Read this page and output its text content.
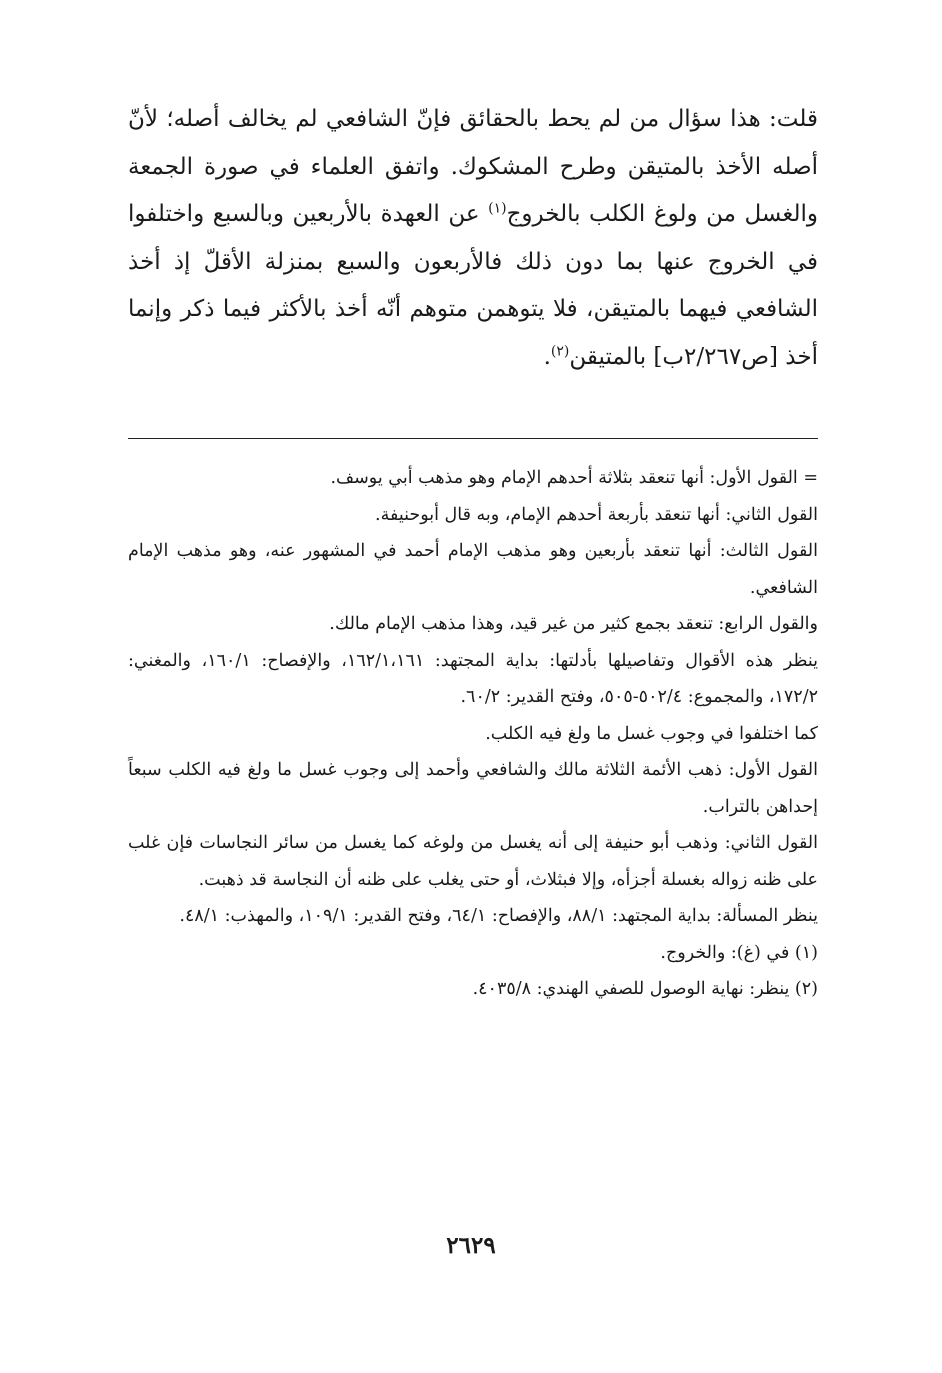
قلت: هذا سؤال من لم يحط بالحقائق فإنّ الشافعي لم يخالف أصله؛ لأنّ أصله الأخذ بالمتيقن وطرح المشكوك. واتفق العلماء في صورة الجمعة والغسل من ولوغ الكلب بالخروج$^{(١)}$ عن العهدة بالأربعين وبالسبع واختلفوا في الخروج عنها بما دون ذلك فالأربعون والسبع بمنزلة الأقلّ إذ أخذ الشافعي فيهما بالمتيقن، فلا يتوهمن متوهم أنّه أخذ بالأكثر فيما ذكر وإنما أخذ [ص٢/٢٦٧ب] بالمتيقن$^{(٢)}$.

= القول الأول: أنها تنعقد بثلاثة أحدهم الإمام وهو مذهب أبي يوسف.

القول الثاني: أنها تنعقد بأربعة أحدهم الإمام، وبه قال أبوحنيفة.

القول الثالث: أنها تنعقد بأربعين وهو مذهب الإمام أحمد في المشهور عنه، وهو مذهب الإمام الشافعي.

والقول الرابع: تنعقد بجمع كثير من غير قيد، وهذا مذهب الإمام مالك.

ينظر هذه الأقوال وتفاصيلها بأدلتها: بداية المجتهد: ١٦٢/١،١٦١، والإفصاح: ١٦٠/١، والمغني: ١٧٢/٢، والمجموع: ٥٠٢/٤-٥٠٥، وفتح القدير: ٦٠/٢.

كما اختلفوا في وجوب غسل ما ولغ فيه الكلب.

القول الأول: ذهب الأئمة الثلاثة مالك والشافعي وأحمد إلى وجوب غسل ما ولغ فيه الكلب سبعاً إحداهن بالتراب.

القول الثاني: وذهب أبو حنيفة إلى أنه يغسل من ولوغه كما يغسل من سائر النجاسات فإن غلب على ظنه زواله بغسلة أجزأه، وإلا فبثلاث، أو حتى يغلب على ظنه أن النجاسة قد ذهبت.

ينظر المسألة: بداية المجتهد: ٨٨/١، والإفصاح: ٦٤/١، وفتح القدير: ١٠٩/١، والمهذب: ٤٨/١.

(١) في (غ): والخروج.

(٢) ينظر: نهاية الوصول للصفي الهندي: ٤٠٣٥/٨.

٢٦٢٩
